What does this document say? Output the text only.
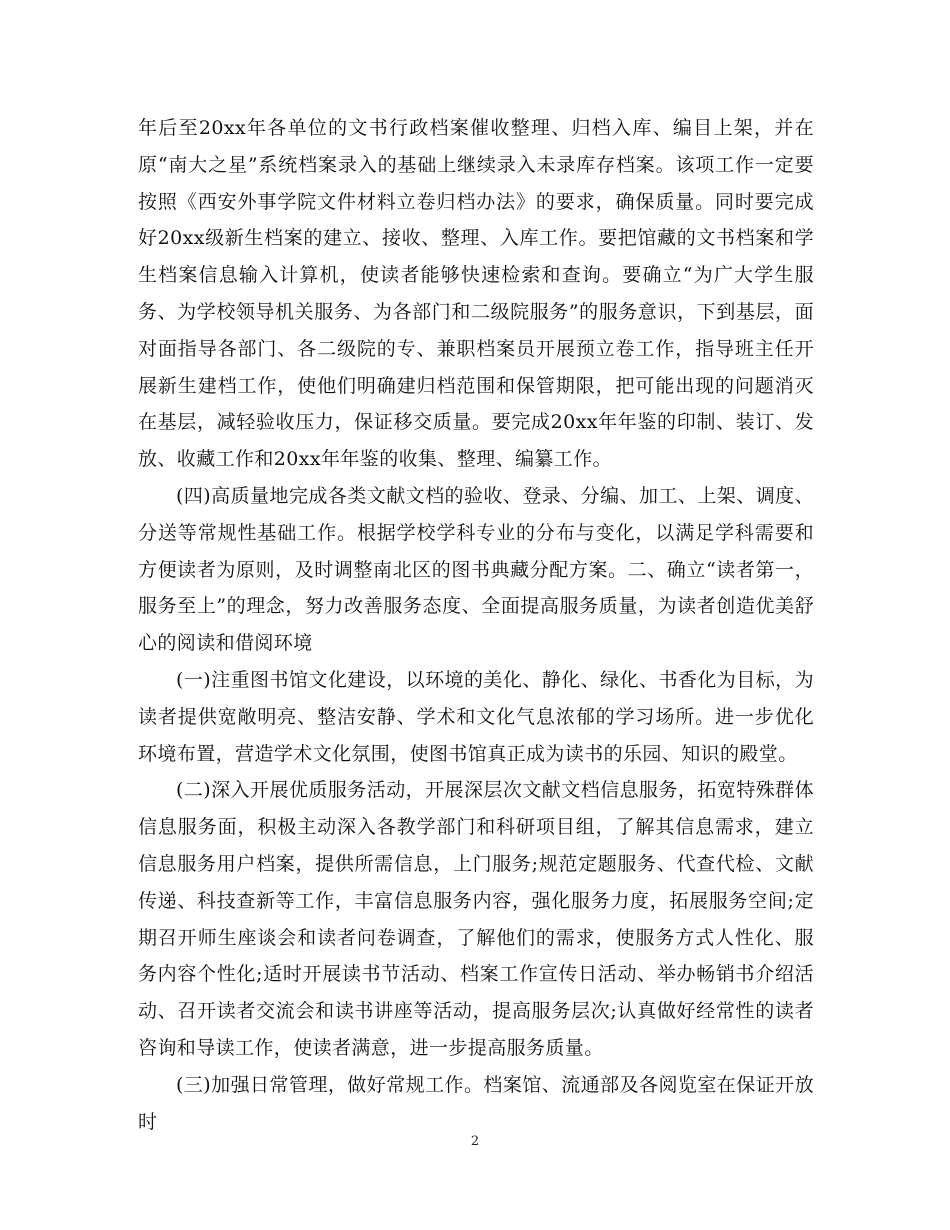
年后至20xx年各单位的文书行政档案催收整理、归档入库、编目上架，并在原“南大之星”系统档案录入的基础上继续录入未录库存档案。该项工作一定要按照《西安外事学院文件材料立卷归档办法》的要求，确保质量。同时要完成好20xx级新生档案的建立、接收、整理、入库工作。要把馆藏的文书档案和学生档案信息输入计算机，使读者能够快速检索和查询。要确立“为广大学生服务、为学校领导机关服务、为各部门和二级院服务”的服务意识，下到基层，面对面指导各部门、各二级院的专、兼职档案员开展预立卷工作，指导班主任开展新生建档工作，使他们明确建归档范围和保管期限，把可能出现的问题消灭在基层，减轻验收压力，保证移交质量。要完成20xx年年鉴的印制、装订、发放、收藏工作和20xx年年鉴的收集、整理、编纂工作。

(四)高质量地完成各类文献文档的验收、登录、分编、加工、上架、调度、分送等常规性基础工作。根据学校学科专业的分布与变化，以满足学科需要和方便读者为原则，及时调整南北区的图书典藏分配方案。二、确立“读者第一，服务至上”的理念，努力改善服务态度、全面提高服务质量，为读者创造优美舒心的阅读和借阅环境

(一)注重图书馆文化建设，以环境的美化、静化、绿化、书香化为目标，为读者提供宽敞明亮、整洁安静、学术和文化气息浓郁的学习场所。进一步优化环境布置，营造学术文化氛围，使图书馆真正成为读书的乐园、知识的殿堂。

(二)深入开展优质服务活动，开展深层次文献文档信息服务，拓宽特殊群体信息服务面，积极主动深入各教学部门和科研项目组，了解其信息需求，建立信息服务用户档案，提供所需信息，上门服务;规范定题服务、代查代检、文献传递、科技查新等工作，丰富信息服务内容，强化服务力度，拓展服务空间;定期召开师生座谈会和读者问卷调查，了解他们的需求，使服务方式人性化、服务内容个性化;适时开展读书节活动、档案工作宣传日活动、举办畅销书介绍活动、召开读者交流会和读书讲座等活动，提高服务层次;认真做好经常性的读者咨询和导读工作，使读者满意，进一步提高服务质量。

(三)加强日常管理，做好常规工作。档案馆、流通部及各阅览室在保证开放时

2
